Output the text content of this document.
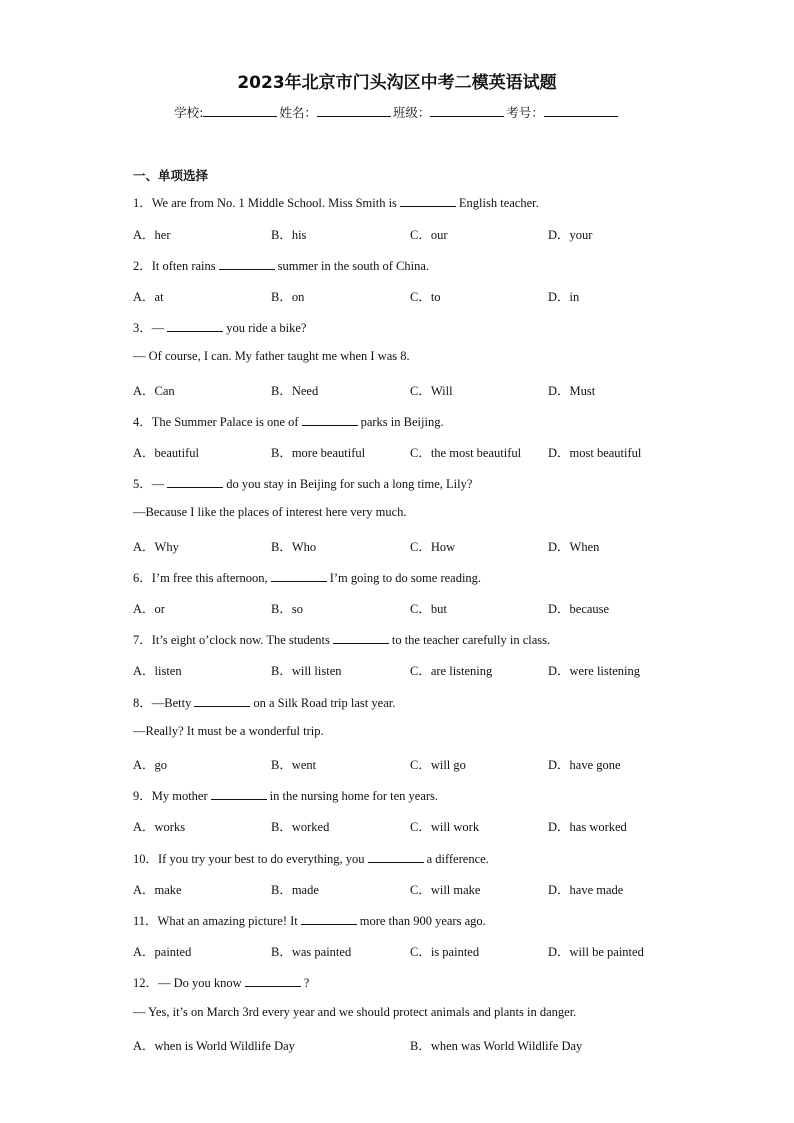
2023年北京市门头沟区中考二模英语试题
学校:	姓名：	班级：	考号：
一、单项选择
1．We are from No. 1 Middle School. Miss Smith is	English teacher.
A．her	B．his	C．our	D．your
2．It often rains	summer in the south of China.
A．at	B．on	C．to	D．in
3．—	you ride a bike?
— Of course, I can. My father taught me when I was 8.
A．Can	B．Need	C．Will	D．Must
4．The Summer Palace is one of	parks in Beijing.
A．beautiful	B．more beautiful	C．the most beautiful D．most beautiful
5．—	do you stay in Beijing for such a long time, Lily?
—Because I like the places of interest here very much.
A．Why	B．Who	C．How	D．When
6．I’m free this afternoon,	I’m going to do some reading.
A．or	B．so	C．but	D．because
7．It’s eight o’clock now. The students	to the teacher carefully in class.
A．listen	B．will listen	C．are listening	D．were listening
8．—Betty	on a Silk Road trip last year.
—Really? It must be a wonderful trip.
A．go	B．went	C．will go	D．have gone
9．My mother	in the nursing home for ten years.
A．works	B．worked	C．will work	D．has worked
10．If you try your best to do everything, you	a difference.
A．make	B．made	C．will make	D．have made
11．What an amazing picture! It	more than 900 years ago.
A．painted	B．was painted	C．is painted	D．will be painted
12．— Do you know	?
— Yes, it’s on March 3rd every year and we should protect animals and plants in danger.
A．when is World Wildlife Day	B．when was World Wildlife Day
